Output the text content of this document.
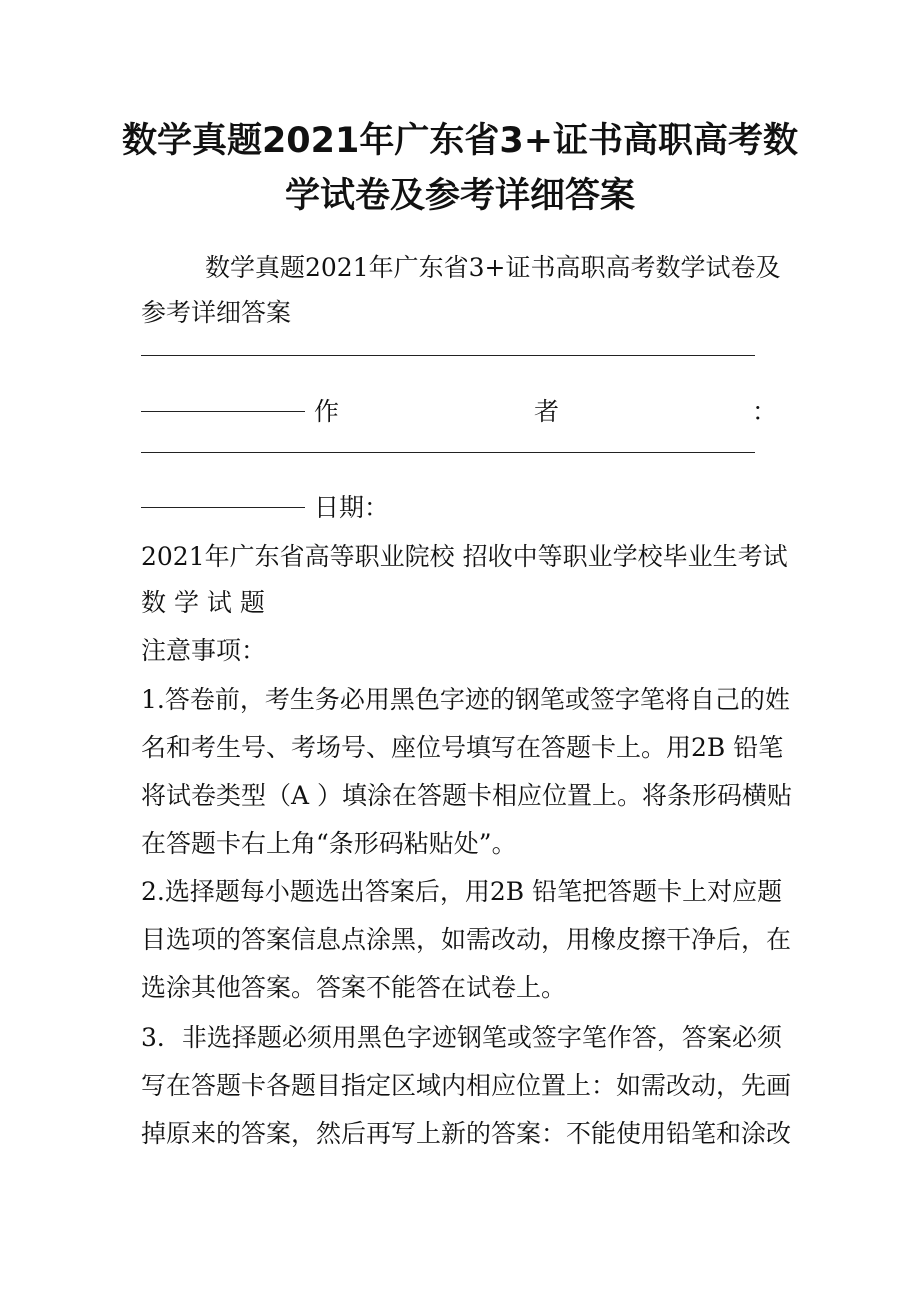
数学真题2021年广东省3+证书高职高考数
学试卷及参考详细答案
数学真题2021年广东省3+证书高职高考数学试卷及
参考详细答案
作	者	：
日期：
2021年广东省高等职业院校 招收中等职业学校毕业生考试
数 学 试 题
注意事项：
1.答卷前，考生务必用黑色字迹的钢笔或签字笔将自己的姓
名和考生号、考场号、座位号填写在答题卡上。用2B 铅笔
将试卷类型（A ）填涂在答题卡相应位置上。将条形码横贴
在答题卡右上角“条形码粘贴处”。
2.选择题每小题选出答案后，用2B 铅笔把答题卡上对应题
目选项的答案信息点涂黑，如需改动，用橡皮擦干净后，在
选涂其他答案。答案不能答在试卷上。
3．非选择题必须用黑色字迹钢笔或签字笔作答，答案必须
写在答题卡各题目指定区域内相应位置上：如需改动，先画
掉原来的答案，然后再写上新的答案：不能使用铅笔和涂改
